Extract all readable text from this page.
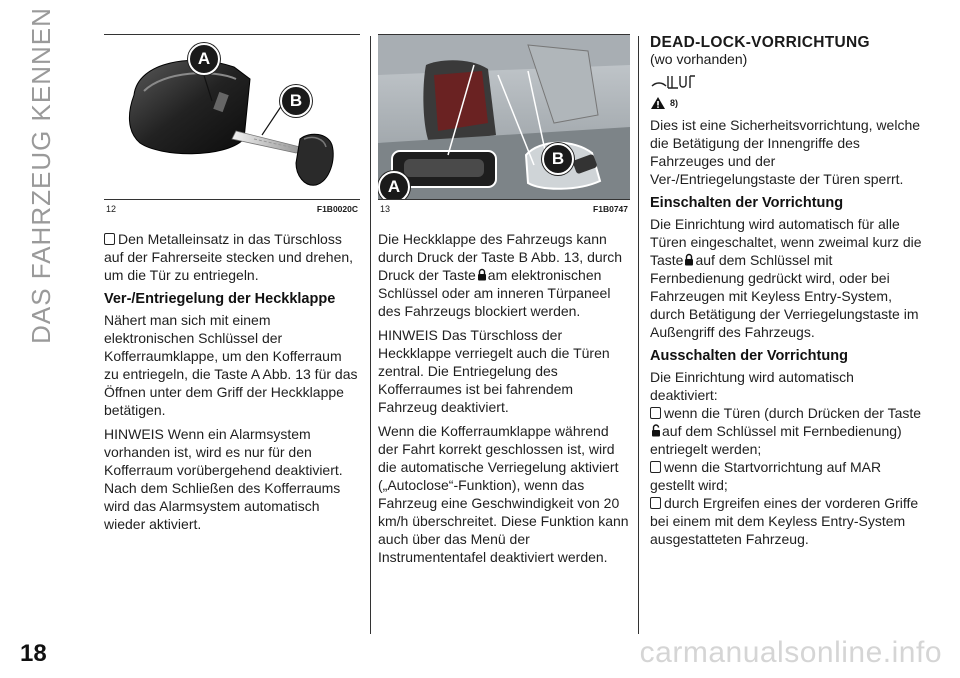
DAS FAHRZEUG KENNEN	A
B
12	F1B0020C

Den Metalleinsatz in das Türschloss auf der Fahrerseite stecken und drehen, um die Tür zu entriegeln.

Ver-/Entriegelung der Heckklappe

Nähert man sich mit einem elektronischen Schlüssel der Kofferraumklappe, um den Kofferraum zu entriegeln, die Taste A Abb. 13 für das Öffnen unter dem Griff der Heckklappe betätigen.

HINWEIS Wenn ein Alarmsystem vorhanden ist, wird es nur für den Kofferraum vorübergehend deaktiviert. Nach dem Schließen des Kofferraums wird das Alarmsystem automatisch wieder aktiviert.

A
B
13	F1B0747

Die Heckklappe des Fahrzeugs kann durch Druck der Taste B Abb. 13, durch Druck der Taste am elektronischen Schlüssel oder am inneren Türpaneel des Fahrzeugs blockiert werden.

HINWEIS Das Türschloss der Heckklappe verriegelt auch die Türen zentral. Die Entriegelung des Kofferraumes ist bei fahrendem Fahrzeug deaktiviert.

Wenn die Kofferraumklappe während der Fahrt korrekt geschlossen ist, wird die automatische Verriegelung aktiviert („Autoclose“-Funktion), wenn das Fahrzeug eine Geschwindigkeit von 20 km/h überschreitet. Diese Funktion kann auch über das Menü der Instrumententafel deaktiviert werden.

DEAD-LOCK-VORRICHTUNG

(wo vorhanden)

8)

Dies ist eine Sicherheitsvorrichtung, welche die Betätigung der Innengriffe des Fahrzeuges und der Ver-/Entriegelungstaste der Türen sperrt.

Einschalten der Vorrichtung

Die Einrichtung wird automatisch für alle Türen eingeschaltet, wenn zweimal kurz die Taste auf dem Schlüssel mit Fernbedienung gedrückt wird, oder bei Fahrzeugen mit Keyless Entry-System, durch Betätigung der Verriegelungstaste im Außengriff des Fahrzeugs.

Ausschalten der Vorrichtung

Die Einrichtung wird automatisch deaktiviert:

wenn die Türen (durch Drücken der Tasteauf dem Schlüssel mit Fernbedienung) entriegelt werden;

wenn die Startvorrichtung auf MAR gestellt wird;

durch Ergreifen eines der vorderen Griffe bei einem mit dem Keyless Entry-System ausgestatteten Fahrzeug.

18	carmanualsonline.info
